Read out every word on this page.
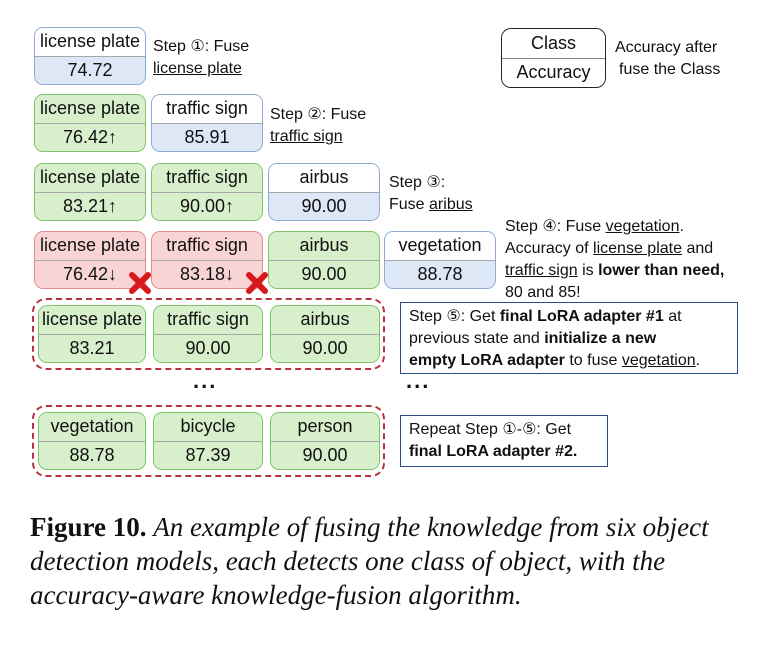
Class
Accuracy
Accuracy after
fuse the Class
license plate
74.72
Step ①: Fuse
license plate
license plate
76.42↑
traffic sign
85.91
Step ②: Fuse
traffic sign
license plate
83.21↑
traffic sign
90.00↑
airbus
90.00
Step ③:
Fuse aribus
license plate
76.42↓
traffic sign
83.18↓
airbus
90.00
vegetation
88.78
Step ④: Fuse vegetation.
Accuracy of license plate and
traffic sign is lower than need,
80 and 85!
license plate
83.21
traffic sign
90.00
airbus
90.00
Step ⑤: Get final LoRA adapter #1 at
previous state and initialize a new
empty LoRA adapter to fuse vegetation.
...	...
vegetation
88.78
bicycle
87.39
person
90.00
Repeat Step ①-⑤: Get
final LoRA adapter #2.
Figure 10. An example of fusing the knowledge from six object detection models, each detects one class of object, with the accuracy-aware knowledge-fusion algorithm.
